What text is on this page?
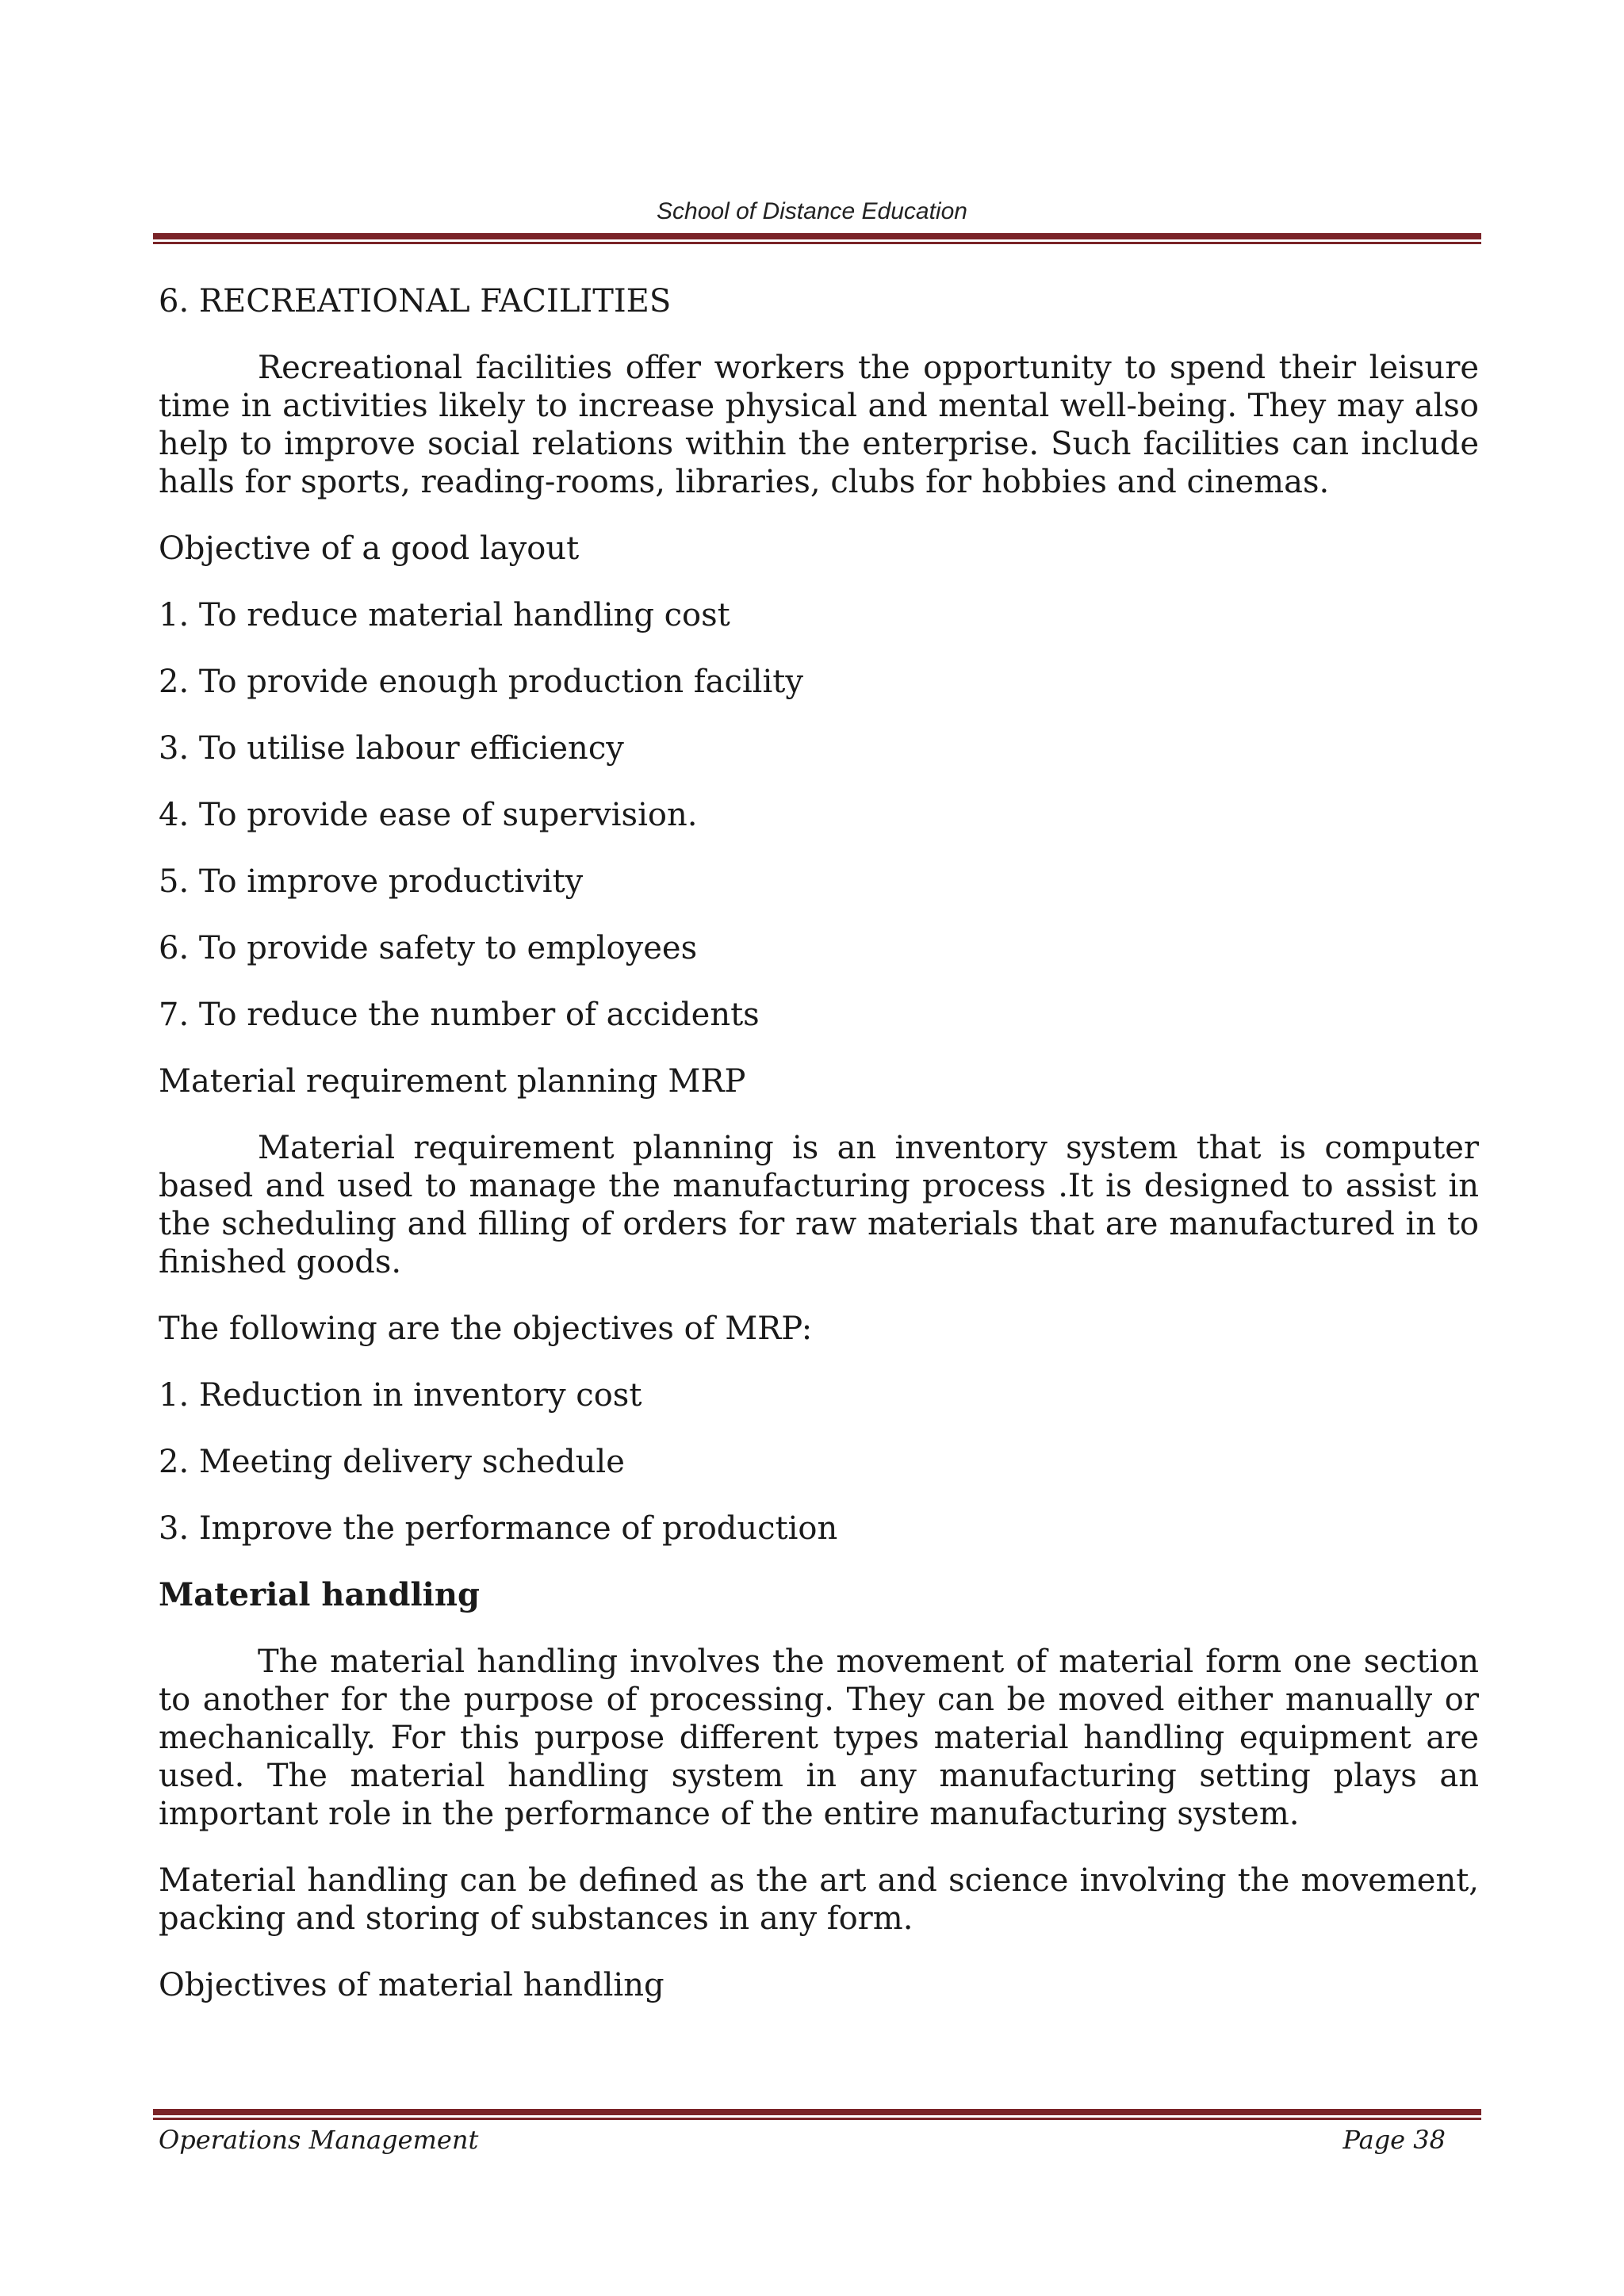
School of Distance Education

6. RECREATIONAL FACILITIES

Recreational facilities offer workers the opportunity to spend their leisure time in activities likely to increase physical and mental well-being. They may also help to improve social relations within the enterprise. Such facilities can include halls for sports, reading-rooms, libraries, clubs for hobbies and cinemas.

Objective of a good layout

1. To reduce material handling cost

2. To provide enough production facility

3. To utilise labour efficiency

4. To provide ease of supervision.

5. To improve productivity

6. To provide safety to employees

7. To reduce the number of accidents

Material requirement planning MRP

Material requirement planning is an inventory system that is computer based and used to manage the manufacturing process .It is designed to assist in the scheduling and filling of orders for raw materials that are manufactured in to finished goods.

The following are the objectives of MRP:

1. Reduction in inventory cost

2. Meeting delivery schedule

3. Improve the performance of production

Material handling

The material handling involves the movement of material form one section to another for the purpose of processing. They can be moved either manually or mechanically. For this purpose different types material handling equipment are used. The material handling system in any manufacturing setting plays an important role in the performance of the entire manufacturing system.

Material handling can be defined as the art and science involving the movement, packing and storing of substances in any form.

Objectives of material handling

Operations Management	Page 38
